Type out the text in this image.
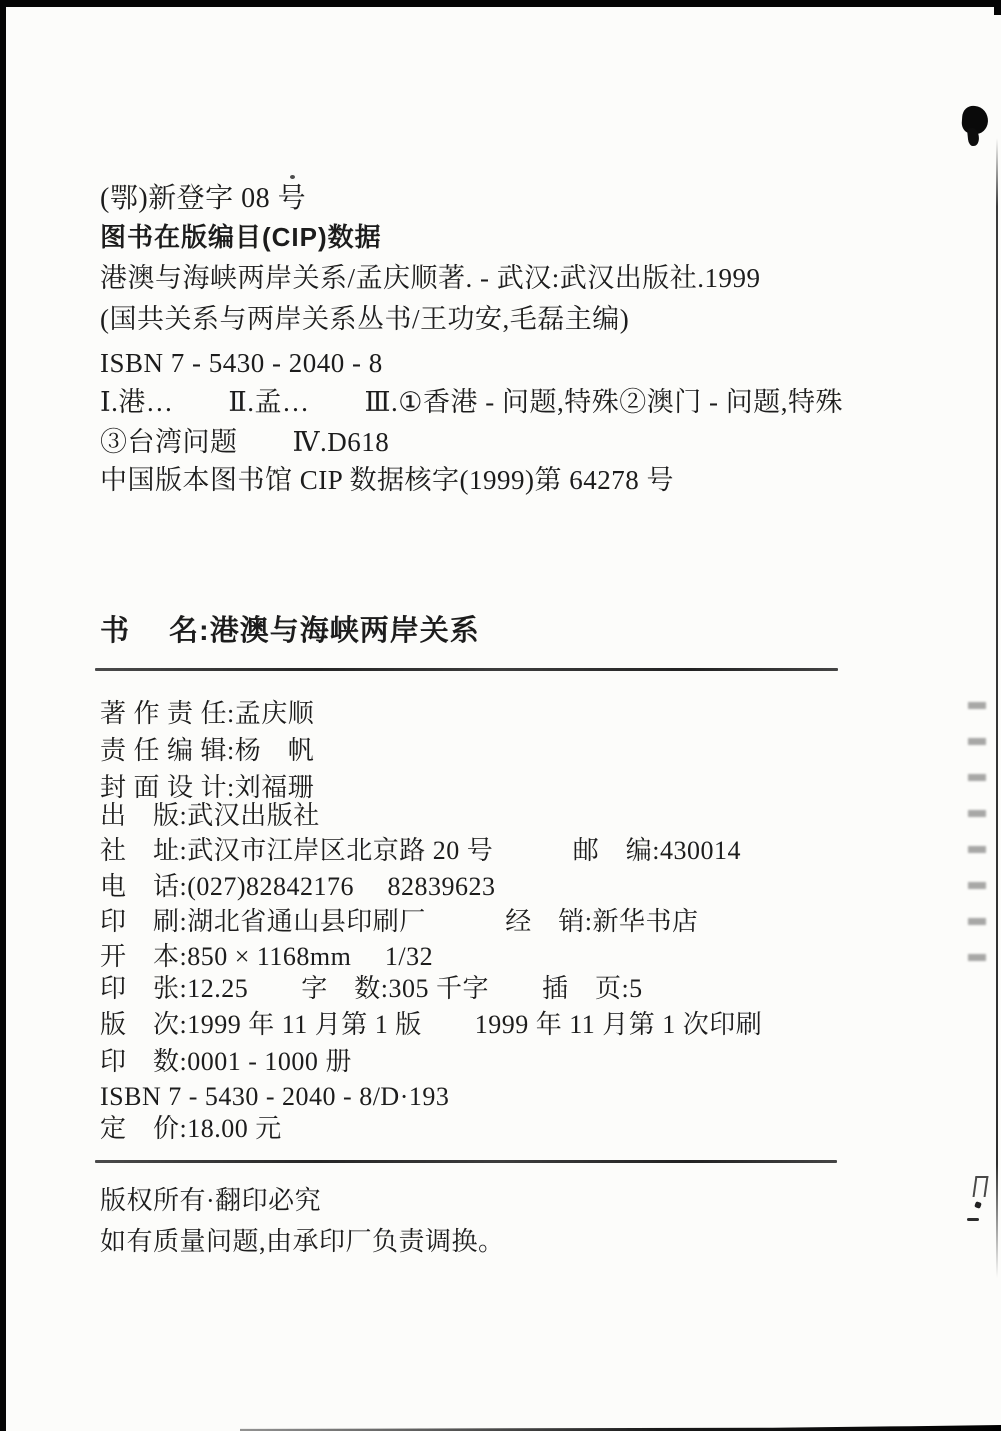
(鄂)新登字 08 号
图书在版编目(CIP)数据
港澳与海峡两岸关系/孟庆顺著. - 武汉:武汉出版社.1999
(国共关系与两岸关系丛书/王功安,毛磊主编)
ISBN 7 - 5430 - 2040 - 8
Ⅰ.港…　　Ⅱ.孟…　　Ⅲ.①香港 - 问题,特殊②澳门 - 问题,特殊
③台湾问题　　Ⅳ.D618
中国版本图书馆 CIP 数据核字(1999)第 64278 号
书　 名:港澳与海峡两岸关系
著 作 责 任:孟庆顺
责 任 编 辑:杨　帆
封 面 设 计:刘福珊
出　版:武汉出版社
社　址:武汉市江岸区北京路 20 号　　　邮　编:430014
电　话:(027)82842176　 82839623
印　刷:湖北省通山县印刷厂　　　经　销:新华书店
开　本:850 × 1168mm　 1/32
印　张:12.25　　字　数:305 千字　　插　页:5
版　次:1999 年 11 月第 1 版　　1999 年 11 月第 1 次印刷
印　数:0001 - 1000 册
ISBN 7 - 5430 - 2040 - 8/D·193
定　价:18.00 元
版权所有·翻印必究
如有质量问题,由承印厂负责调换。
